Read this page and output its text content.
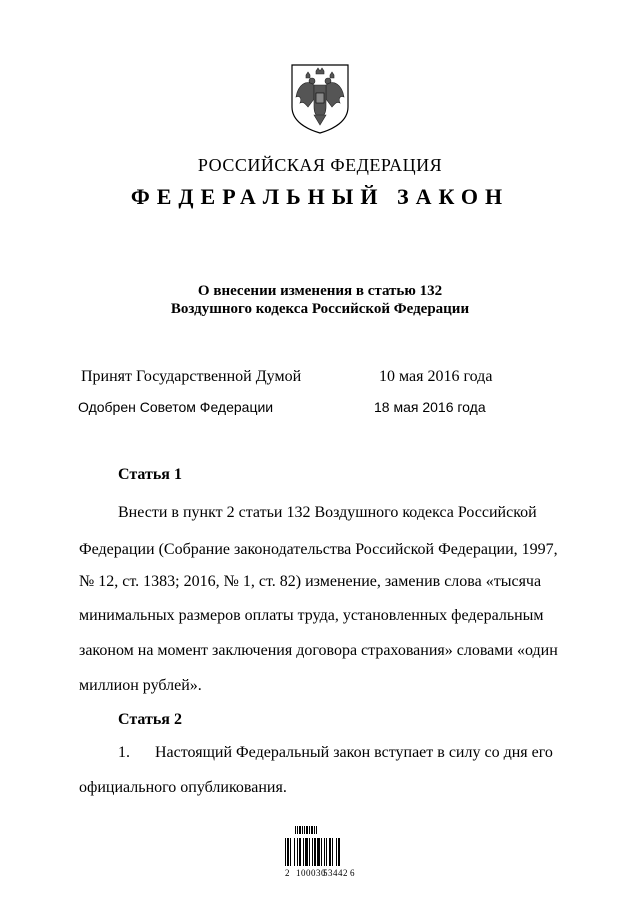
РОССИЙСКАЯ ФЕДЕРАЦИЯ
ФЕДЕРАЛЬНЫЙ ЗАКОН
О внесении изменения в статью 132
Воздушного кодекса Российской Федерации
Принят Государственной Думой	10 мая 2016 года
Одобрен Советом Федерации	18 мая 2016 года
Статья 1
Внести в пункт 2 статьи 132 Воздушного кодекса Российской
Федерации (Собрание законодательства Российской Федерации, 1997,
№ 12, ст. 1383; 2016, № 1, ст. 82) изменение, заменив слова «тысяча
минимальных размеров оплаты труда, установленных федеральным
законом на момент заключения договора страхования» словами «один
миллион рублей».
Статья 2
1. Настоящий Федеральный закон вступает в силу со дня его
официального опубликования.
2 100030
53442 6
